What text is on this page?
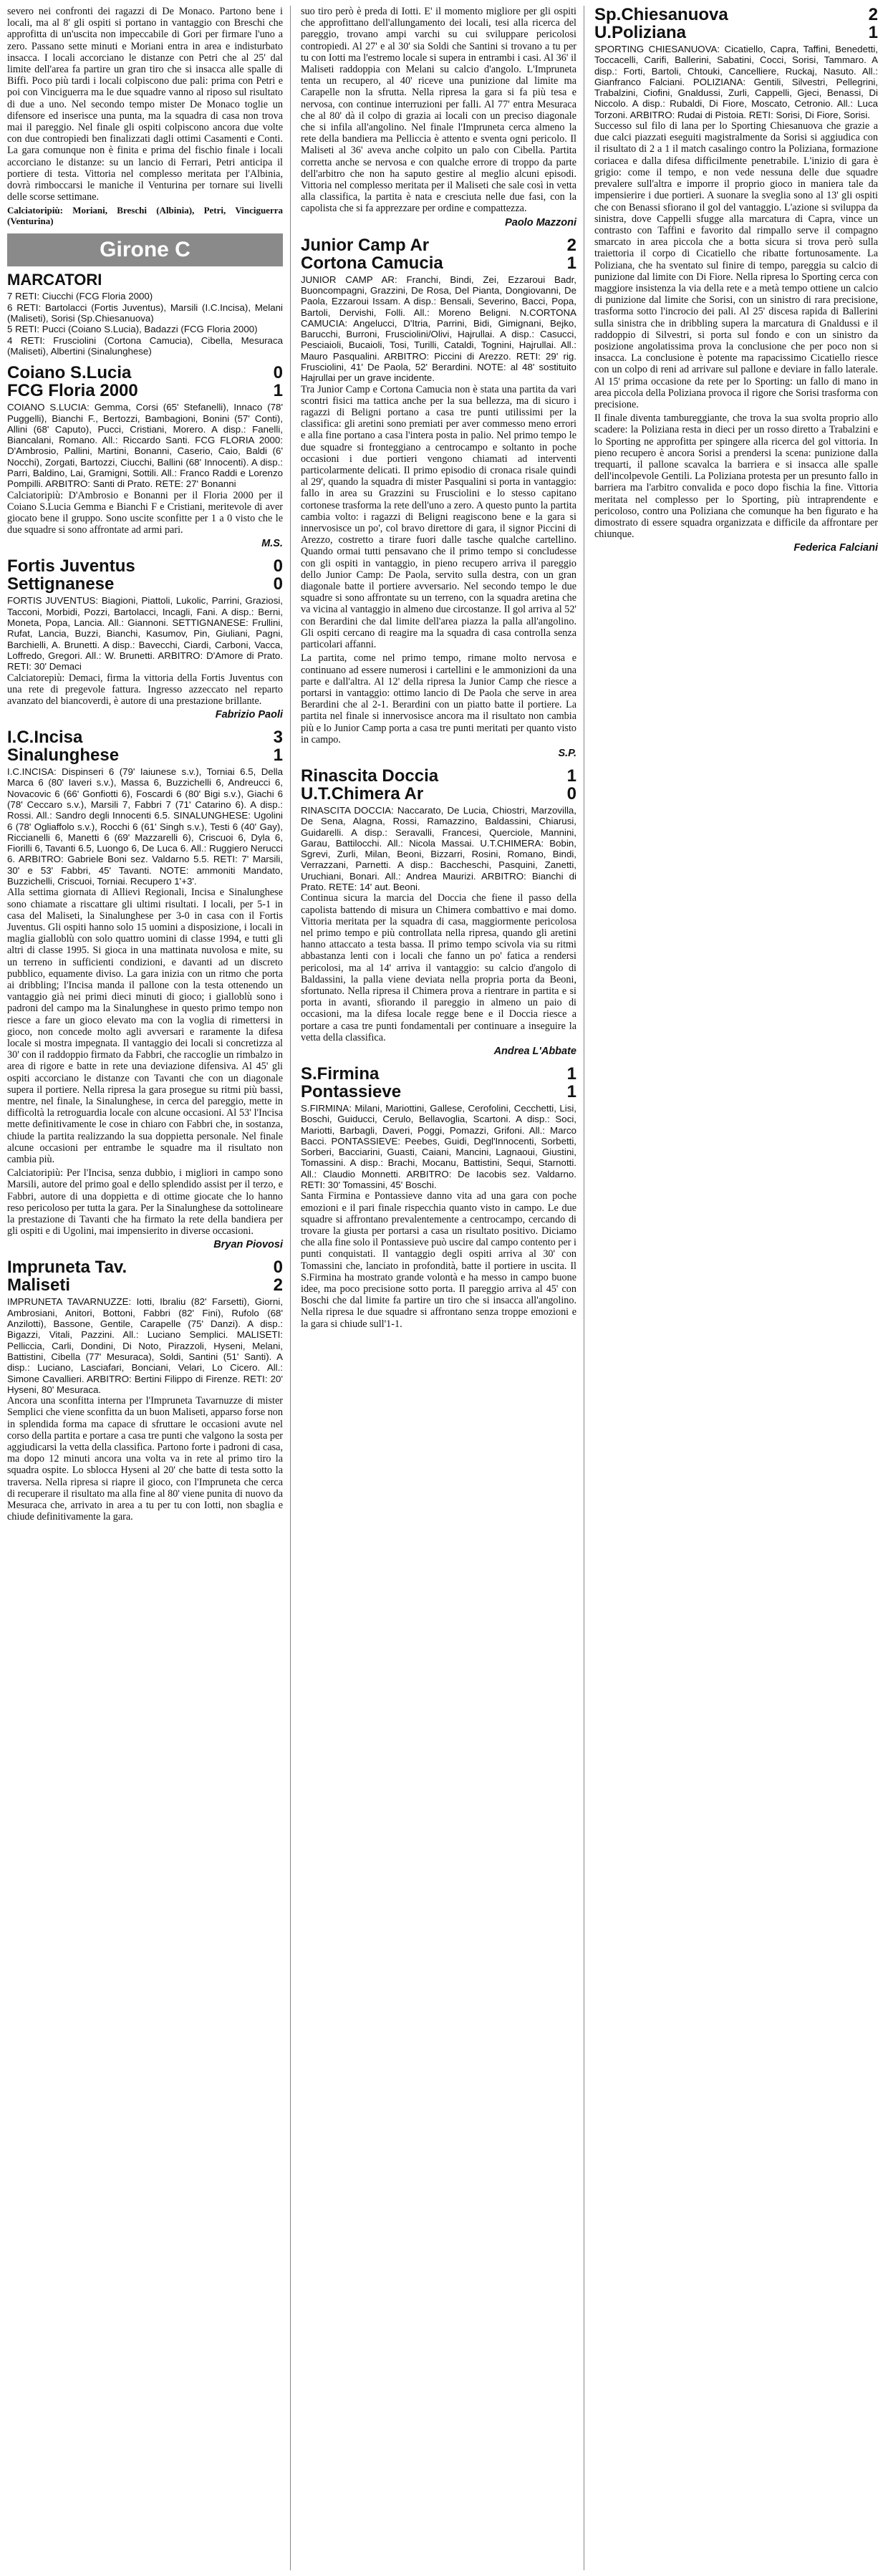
severo nei confronti dei ragazzi di De Monaco. Partono bene i locali, ma al 8' gli ospiti si portano in vantaggio con Breschi che approfitta di un'uscita non impeccabile di Gori per firmare l'uno a zero. Passano sette minuti e Moriani entra in area e indisturbato insacca. I locali accorciano le distanze con Petri che al 25' dal limite dell'area fa partire un gran tiro che si insacca alle spalle di Biffi. Poco più tardi i locali colpiscono due pali: prima con Petri e poi con Vinciguerra ma le due squadre vanno al riposo sul risultato di due a uno. Nel secondo tempo mister De Monaco toglie un difensore ed inserisce una punta, ma la squadra di casa non trova mai il pareggio. Nel finale gli ospiti colpiscono ancora due volte con due contropiedi ben finalizzati dagli ottimi Casamenti e Conti. La gara comunque non è finita e prima del fischio finale i locali accorciano le distanze: su un lancio di Ferrari, Petri anticipa il portiere di testa. Vittoria nel complesso meritata per l'Albinia, dovrà rimboccarsi le maniche il Venturina per tornare sui livelli delle scorse settimane.

Calciatoripiù: Moriani, Breschi (Albinia), Petri, Vinciguerra (Venturina)

Girone C
MARCATORI
7 RETI: Ciucchi (FCG Floria 2000)
6 RETI: Bartolacci (Fortis Juventus), Marsili (I.C.Incisa), Melani (Maliseti), Sorisi (Sp.Chiesanuova)
5 RETI: Pucci (Coiano S.Lucia), Badazzi (FCG Floria 2000)
4 RETI: Frusciolini (Cortona Camucia), Cibella, Mesuraca (Maliseti), Albertini (Sinalunghese)
Coiano S.Lucia	0
FCG Floria 2000	1
COIANO S.LUCIA: Gemma, Corsi (65' Stefanelli), Innaco (78' Puggelli), Bianchi F., Bertozzi, Bambagioni, Bonini (57' Conti), Allini (68' Caputo), Pucci, Cristiani, Morero. A disp.: Fanelli, Biancalani, Romano. All.: Riccardo Santi. FCG FLORIA 2000: D'Ambrosio, Pallini, Martini, Bonanni, Caserio, Caio, Baldi (6' Nocchi), Zorgati, Bartozzi, Ciucchi, Ballini (68' Innocenti). A disp.: Parri, Baldino, Lai, Gramigni, Sottili. All.: Franco Raddi e Lorenzo Pompilli. ARBITRO: Santi di Prato. RETE: 27' Bonanni

Calciatoripiù: D'Ambrosio e Bonanni per il Floria 2000 per il Coiano S.Lucia Gemma e Bianchi F e Cristiani, meritevole di aver giocato bene il gruppo. Sono uscite sconfitte per 1 a 0 visto che le due squadre si sono affrontate ad armi pari.

M.S.
Fortis Juventus	0
Settignanese	0
FORTIS JUVENTUS: Biagioni, Piattoli, Lukolic, Parrini, Graziosi, Tacconi, Morbidi, Pozzi, Bartolacci, Incagli, Fani. A disp.: Berni, Moneta, Popa, Lancia. All.: Giannoni. SETTIGNANESE: Frullini, Rufat, Lancia, Buzzi, Bianchi, Kasumov, Pin, Giuliani, Pagni, Barchielli, A. Brunetti. A disp.: Bavecchi, Ciardi, Carboni, Vacca, Loffredo, Gregori. All.: W. Brunetti. ARBITRO: D'Amore di Prato. RETI: 30' Demaci

Calciatorepiù: Demaci, firma la vittoria della Fortis Juventus con una rete di pregevole fattura. Ingresso azzeccato nel reparto avanzato del biancoverdi, è autore di una prestazione brillante.

Fabrizio Paoli
I.C.Incisa	3
Sinalunghese	1
I.C.INCISA: Dispinseri 6 (79' Iaiunese s.v.), Torniai 6.5, Della Marca 6 (80' Iaveri s.v.), Massa 6, Buzzichelli 6, Andreucci 6, Novacovic 6 (66' Gonfiotti 6), Foscardi 6 (80' Bigi s.v.), Giachi 6 (78' Ceccaro s.v.), Marsili 7, Fabbri 7 (71' Catarino 6). A disp.: Rossi. All.: Sandro degli Innocenti 6.5. SINALUNGHESE: Ugolini 6 (78' Ogliaffolo s.v.), Rocchi 6 (61' Singh s.v.), Testi 6 (40' Gay), Riccianelli 6, Manetti 6 (69' Mazzarelli 6), Criscuoi 6, Dyla 6, Fiorilli 6, Tavanti 6.5, Luongo 6, De Luca 6. All.: Ruggiero Nerucci 6. ARBITRO: Gabriele Boni sez. Valdarno 5.5. RETI: 7' Marsili, 30' e 53' Fabbri, 45' Tavanti. NOTE: ammoniti Mandato, Buzzichelli, Criscuoi, Torniai. Recupero 1'+3'.

Alla settima giornata di Allievi Regionali, Incisa e Sinalunghese sono chiamate a riscattare gli ultimi risultati. I locali, per 5-1 in casa del Maliseti, la Sinalunghese per 3-0 in casa con il Fortis Juventus. Gli ospiti hanno solo 15 uomini a disposizione, i locali in maglia gialloblù con solo quattro uomini di classe 1994, e tutti gli altri di classe 1995. Si gioca in una mattinata nuvolosa e mite, su un terreno in sufficienti condizioni, e davanti ad un discreto pubblico, equamente diviso. La gara inizia con un ritmo che porta ai dribbling; l'Incisa manda il pallone con la testa ottenendo un vantaggio già nei primi dieci minuti di gioco; i gialloblù sono i padroni del campo ma la Sinalunghese in questo primo tempo non riesce a fare un gioco elevato ma con la voglia di rimettersi in gioco, non concede molto agli avversari e raramente la difesa locale si mostra impegnata. Il vantaggio dei locali si concretizza al 30' con il raddoppio firmato da Fabbri, che raccoglie un rimbalzo in area di rigore e batte in rete una deviazione difensiva. Al 45' gli ospiti accorciano le distanze con Tavanti che con un diagonale supera il portiere. Nella ripresa la gara prosegue su ritmi più bassi, mentre, nel finale, la Sinalunghese, in cerca del pareggio, mette in difficoltà la retroguardia locale con alcune occasioni. Al 53' l'Incisa mette definitivamente le cose in chiaro con Fabbri che, in sostanza, chiude la partita realizzando la sua doppietta personale. Nel finale alcune occasioni per entrambe le squadre ma il risultato non cambia più.

Calciatoripiù: Per l'Incisa, senza dubbio, i migliori in campo sono Marsili, autore del primo goal e dello splendido assist per il terzo, e Fabbri, autore di una doppietta e di ottime giocate che lo hanno reso pericoloso per tutta la gara. Per la Sinalunghese da sottolineare la prestazione di Tavanti che ha firmato la rete della bandiera per gli ospiti e di Ugolini, mai impensierito in diverse occasioni.

Bryan Piovosi
Impruneta Tav.	0
Maliseti	2
IMPRUNETA TAVARNUZZE: Iotti, Ibraliu (82' Farsetti), Giorni, Ambrosiani, Anitori, Bottoni, Fabbri (82' Fini), Rufolo (68' Anzilotti), Bassone, Gentile, Carapelle (75' Danzi). A disp.: Bigazzi, Vitali, Pazzini. All.: Luciano Semplici. MALISETI: Pelliccia, Carli, Dondini, Di Noto, Pirazzoli, Hyseni, Melani, Battistini, Cibella (77' Mesuraca), Soldi, Santini (51' Santi). A disp.: Luciano, Lasciafari, Bonciani, Velari, Lo Cicero. All.: Simone Cavallieri. ARBITRO: Bertini Filippo di Firenze. RETI: 20' Hyseni, 80' Mesuraca.

Ancora una sconfitta interna per l'Impruneta Tavarnuzze di mister Semplici che viene sconfitta da un buon Maliseti, apparso forse non in splendida forma ma capace di sfruttare le occasioni avute nel corso della partita e portare a casa tre punti che valgono la sosta per aggiudicarsi la vetta della classifica. Partono forte i padroni di casa, ma dopo 12 minuti ancora una volta va in rete al primo tiro la squadra ospite. Lo sblocca Hyseni al 20' che batte di testa sotto la traversa. Nella ripresa si riapre il gioco, con l'Impruneta che cerca di recuperare il risultato ma alla fine al 80' viene punita di nuovo da Mesuraca che, arrivato in area a tu per tu con Iotti, non sbaglia e chiude definitivamente la gara.

suo tiro però è preda di Iotti. E' il momento migliore per gli ospiti che approfittano dell'allungamento dei locali, tesi alla ricerca del pareggio, trovano ampi varchi su cui sviluppare pericolosi contropiedi. Al 27' e al 30' sia Soldi che Santini si trovano a tu per tu con Iotti ma l'estremo locale si supera in entrambi i casi. Al 36' il Maliseti raddoppia con Melani su calcio d'angolo. L'Impruneta tenta un recupero, al 40' riceve una punizione dal limite ma Carapelle non la sfrutta. Nella ripresa la gara si fa più tesa e nervosa, con continue interruzioni per falli. Al 77' entra Mesuraca che al 80' dà il colpo di grazia ai locali con un preciso diagonale che si infila all'angolino. Nel finale l'Impruneta cerca almeno la rete della bandiera ma Pelliccia è attento e sventa ogni pericolo. Il Maliseti al 36' aveva anche colpito un palo con Cibella. Partita corretta anche se nervosa e con qualche errore di troppo da parte dell'arbitro che non ha saputo gestire al meglio alcuni episodi. Vittoria nel complesso meritata per il Maliseti che sale così in vetta alla classifica, la partita è nata e cresciuta nelle due fasi, con la capolista che si fa apprezzare per ordine e compattezza.

Paolo Mazzoni
Junior Camp Ar	2
Cortona Camucia	1
JUNIOR CAMP AR: Franchi, Bindi, Zei, Ezzaroui Badr, Buoncompagni, Grazzini, De Rosa, Del Pianta, Dongiovanni, De Paola, Ezzaroui Issam. A disp.: Bensali, Severino, Bacci, Popa, Bartoli, Dervishi, Folli. All.: Moreno Beligni. N.CORTONA CAMUCIA: Angelucci, D'Itria, Parrini, Bidi, Gimignani, Bejko, Barucchi, Burroni, Frusciolini/Olivi, Hajrullai. A disp.: Casucci, Pesciaioli, Bucaioli, Tosi, Turilli, Cataldi, Tognini, Hajrullai. All.: Mauro Pasqualini. ARBITRO: Piccini di Arezzo. RETI: 29' rig. Frusciolini, 41' De Paola, 52' Berardini. NOTE: al 48' sostituito Hajrullai per un grave incidente.

Tra Junior Camp e Cortona Camucia non è stata una partita da vari scontri fisici ma tattica anche per la sua bellezza, ma di sicuro i ragazzi di Beligni portano a casa tre punti utilissimi per la classifica: gli aretini sono premiati per aver commesso meno errori e alla fine portano a casa l'intera posta in palio. Nel primo tempo le due squadre si fronteggiano a centrocampo e soltanto in poche occasioni i due portieri vengono chiamati ad interventi particolarmente delicati. Il primo episodio di cronaca risale quindi al 29', quando la squadra di mister Pasqualini si porta in vantaggio: fallo in area su Grazzini su Frusciolini e lo stesso capitano cortonese trasforma la rete dell'uno a zero. A questo punto la partita cambia volto: i ragazzi di Beligni reagiscono bene e la gara si innervosisce un po', col bravo direttore di gara, il signor Piccini di Arezzo, costretto a tirare fuori dalle tasche qualche cartellino. Quando ormai tutti pensavano che il primo tempo si concludesse con gli ospiti in vantaggio, in pieno recupero arriva il pareggio dello Junior Camp: De Paola, servito sulla destra, con un gran diagonale batte il portiere avversario. Nel secondo tempo le due squadre si sono affrontate su un terreno, con la squadra aretina che va vicina al vantaggio in almeno due circostanze. Il gol arriva al 52' con Berardini che dal limite dell'area piazza la palla all'angolino. Gli ospiti cercano di reagire ma la squadra di casa controlla senza particolari affanni.

La partita, come nel primo tempo, rimane molto nervosa e continuano ad essere numerosi i cartellini e le ammonizioni da una parte e dall'altra. Al 12' della ripresa la Junior Camp che riesce a portarsi in vantaggio: ottimo lancio di De Paola che serve in area Berardini che al 2-1. Berardini con un piatto batte il portiere. La partita nel finale si innervosisce ancora ma il risultato non cambia più e lo Junior Camp porta a casa tre punti meritati per quanto visto in campo.

S.P.
Rinascita Doccia	1
U.T.Chimera Ar	0
RINASCITA DOCCIA: Naccarato, De Lucia, Chiostri, Marzovilla, De Sena, Alagna, Rossi, Ramazzino, Baldassini, Chiarusi, Guidarelli. A disp.: Seravalli, Francesi, Querciole, Mannini, Garau, Battilocchi. All.: Nicola Massai. U.T.CHIMERA: Bobin, Sgrevi, Zurli, Milan, Beoni, Bizzarri, Rosini, Romano, Bindi, Verrazzani, Parnetti. A disp.: Baccheschi, Pasquini, Zanetti, Uruchiani, Bonari. All.: Andrea Maurizi. ARBITRO: Bianchi di Prato. RETE: 14' aut. Beoni.

Continua sicura la marcia del Doccia che fiene il passo della capolista battendo di misura un Chimera combattivo e mai domo. Vittoria meritata per la squadra di casa, maggiormente pericolosa nel primo tempo e più controllata nella ripresa, quando gli aretini hanno attaccato a testa bassa. Il primo tempo scivola via su ritmi abbastanza lenti con i locali che fanno un po' fatica a rendersi pericolosi, ma al 14' arriva il vantaggio: su calcio d'angolo di Baldassini, la palla viene deviata nella propria porta da Beoni, sfortunato. Nella ripresa il Chimera prova a rientrare in partita e si porta in avanti, sfiorando il pareggio in almeno un paio di occasioni, ma la difesa locale regge bene e il Doccia riesce a portare a casa tre punti fondamentali per continuare a inseguire la vetta della classifica.

Andrea L'Abbate
S.Firmina	1
Pontassieve	1
S.FIRMINA: Milani, Mariottini, Gallese, Cerofolini, Cecchetti, Lisi, Boschi, Guiducci, Cerulo, Bellavoglia, Scartoni. A disp.: Soci, Mariotti, Barbagli, Daveri, Poggi, Pomazzi, Grifoni. All.: Marco Bacci. PONTASSIEVE: Peebes, Guidi, Degl'Innocenti, Sorbetti, Sorberi, Bacciarini, Guasti, Caiani, Mancini, Lagnaoui, Giustini, Tomassini. A disp.: Brachi, Mocanu, Battistini, Sequi, Starnotti. All.: Claudio Monnetti. ARBITRO: De Iacobis sez. Valdarno. RETI: 30' Tomassini, 45' Boschi.

Santa Firmina e Pontassieve danno vita ad una gara con poche emozioni e il pari finale rispecchia quanto visto in campo. Le due squadre si affrontano prevalentemente a centrocampo, cercando di trovare la giusta per portarsi a casa un risultato positivo. Diciamo che alla fine solo il Pontassieve può uscire dal campo contento per i punti conquistati. Il vantaggio degli ospiti arriva al 30' con Tomassini che, lanciato in profondità, batte il portiere in uscita. Il S.Firmina ha mostrato grande volontà e ha messo in campo buone idee, ma poco precisione sotto porta. Il pareggio arriva al 45' con Boschi che dal limite fa partire un tiro che si insacca all'angolino. Nella ripresa le due squadre si affrontano senza troppe emozioni e la gara si chiude sull'1-1.

Sp.Chiesanuova	2
U.Poliziana	1
SPORTING CHIESANUOVA: Cicatiello, Capra, Taffini, Benedetti, Toccacelli, Carifi, Ballerini, Sabatini, Cocci, Sorisi, Tammaro. A disp.: Forti, Bartoli, Chtouki, Cancelliere, Ruckaj, Nasuto. All.: Gianfranco Falciani. POLIZIANA: Gentili, Silvestri, Pellegrini, Trabalzini, Ciofini, Gnaldussi, Zurli, Cappelli, Gjeci, Benassi, Di Niccolo. A disp.: Rubaldi, Di Fiore, Moscato, Cetronio. All.: Luca Torzoni. ARBITRO: Rudai di Pistoia. RETI: Sorisi, Di Fiore, Sorisi.

Successo sul filo di lana per lo Sporting Chiesanuova che grazie a due calci piazzati eseguiti magistralmente da Sorisi si aggiudica con il risultato di 2 a 1 il match casalingo contro la Poliziana, formazione coriacea e dalla difesa difficilmente penetrabile. L'inizio di gara è grigio: come il tempo, e non vede nessuna delle due squadre prevalere sull'altra e imporre il proprio gioco in maniera tale da impensierire i due portieri. A suonare la sveglia sono al 13' gli ospiti che con Benassi sfiorano il gol del vantaggio. L'azione si sviluppa da sinistra, dove Cappelli sfugge alla marcatura di Capra, vince un contrasto con Taffini e favorito dal rimpallo serve il compagno smarcato in area piccola che a botta sicura si trova però sulla traiettoria il corpo di Cicatiello che ribatte fortunosamente. La Poliziana, che ha sventato sul finire di tempo, pareggia su calcio di punizione dal limite con Di Fiore. Nella ripresa lo Sporting cerca con maggiore insistenza la via della rete e a metà tempo ottiene un calcio di punizione dal limite che Sorisi, con un sinistro di rara precisione, trasforma sotto l'incrocio dei pali. Al 25' discesa rapida di Ballerini sulla sinistra che in dribbling supera la marcatura di Gnaldussi e il raddoppio di Silvestri, si porta sul fondo e con un sinistro da posizione angolatissima prova la conclusione che per poco non si insacca. La conclusione è potente ma rapacissimo Cicatiello riesce con un colpo di reni ad arrivare sul pallone e deviare in fallo laterale. Al 15' prima occasione da rete per lo Sporting: un fallo di mano in area piccola della Poliziana provoca il rigore che Sorisi trasforma con precisione.

Il finale diventa tambureggiante, che trova la sua svolta proprio allo scadere: la Poliziana resta in dieci per un rosso diretto a Trabalzini e lo Sporting ne approfitta per spingere alla ricerca del gol vittoria. In pieno recupero è ancora Sorisi a prendersi la scena: punizione dalla trequarti, il pallone scavalca la barriera e si insacca alle spalle dell'incolpevole Gentili. La Poliziana protesta per un presunto fallo in barriera ma l'arbitro convalida e poco dopo fischia la fine. Vittoria meritata nel complesso per lo Sporting, più intraprendente e pericoloso, contro una Poliziana che comunque ha ben figurato e ha dimostrato di essere squadra organizzata e difficile da affrontare per chiunque.

Federica Falciani
